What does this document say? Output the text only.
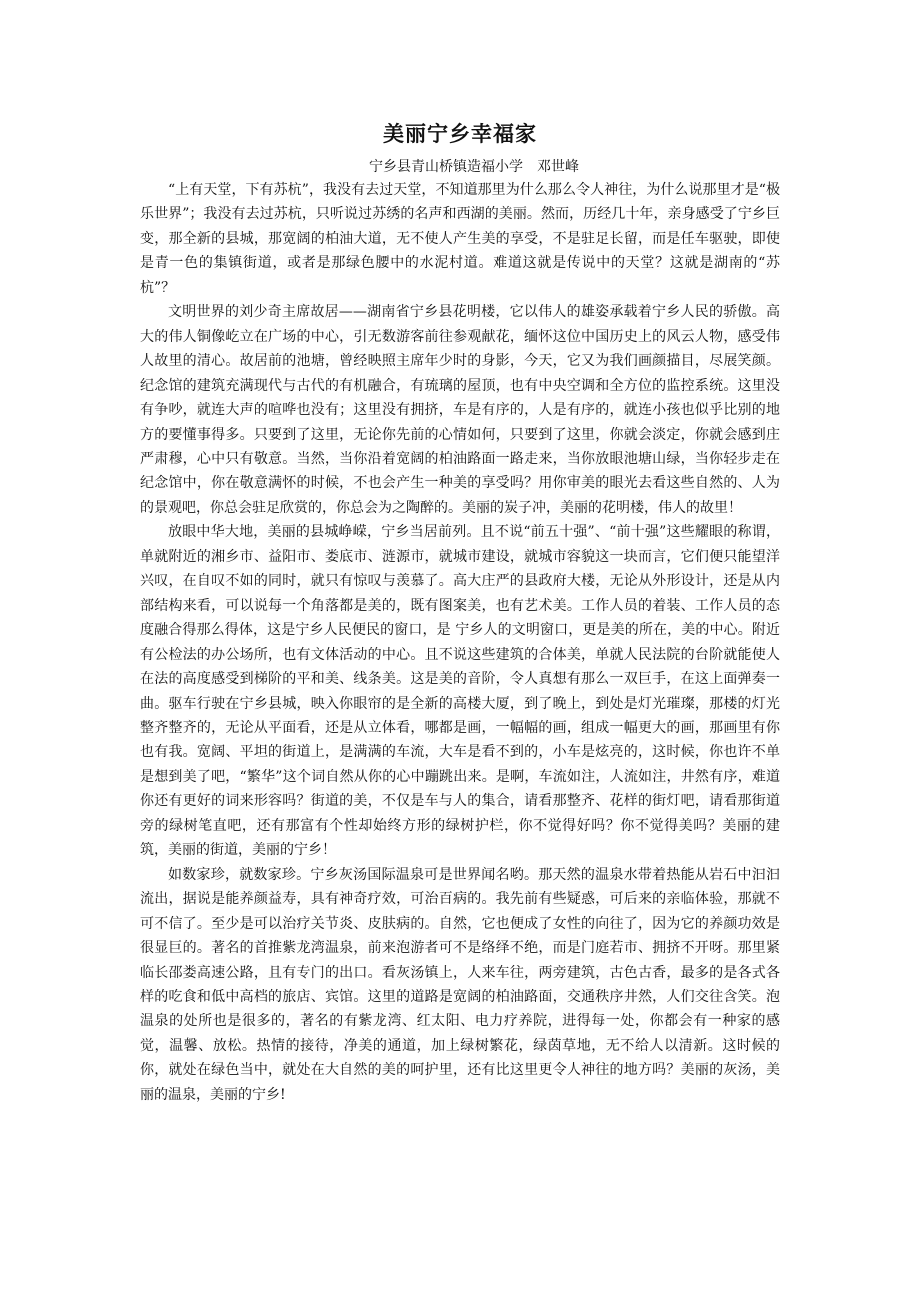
美丽宁乡幸福家
宁乡县青山桥镇造福小学　邓世峰

“上有天堂，下有苏杭”，我没有去过天堂，不知道那里为什么那么令人神往，为什么说那里才是“极乐世界”；我没有去过苏杭，只听说过苏绣的名声和西湖的美丽。然而，历经几十年，亲身感受了宁乡巨变，那全新的县城，那宽阔的柏油大道，无不使人产生美的享受，不是驻足长留，而是任车驱驶，即使是青一色的集镇街道，或者是那绿色腰中的水泥村道。难道这就是传说中的天堂？这就是湖南的“苏杭”？

文明世界的刘少奇主席故居——湖南省宁乡县花明楼，它以伟人的雄姿承载着宁乡人民的骄傲。高大的伟人铜像屹立在广场的中心，引无数游客前往参观献花，缅怀这位中国历史上的风云人物，感受伟人故里的清心。故居前的池塘，曾经映照主席年少时的身影，今天，它又为我们画颜描目，尽展笑颜。纪念馆的建筑充满现代与古代的有机融合，有琉璃的屋顶，也有中央空调和全方位的监控系统。这里没有争吵，就连大声的喧哗也没有；这里没有拥挤，车是有序的，人是有序的，就连小孩也似乎比别的地方的要懂事得多。只要到了这里，无论你先前的心情如何，只要到了这里，你就会淡定，你就会感到庄严肃穆，心中只有敬意。当然，当你沿着宽阔的柏油路面一路走来，当你放眼池塘山绿，当你轻步走在纪念馆中，你在敬意满怀的时候，不也会产生一种美的享受吗？用你审美的眼光去看这些自然的、人为的景观吧，你总会驻足欣赏的，你总会为之陶醉的。美丽的炭子冲，美丽的花明楼，伟人的故里！

放眼中华大地，美丽的县城峥嵘，宁乡当居前列。且不说“前五十强”、“前十强”这些耀眼的称谓，单就附近的湘乡市、益阳市、娄底市、涟源市，就城市建设，就城市容貌这一块而言，它们便只能望洋兴叹，在自叹不如的同时，就只有惊叹与羡慕了。高大庄严的县政府大楼，无论从外形设计，还是从内部结构来看，可以说每一个角落都是美的，既有图案美，也有艺术美。工作人员的着装、工作人员的态度融合得那么得体，这是宁乡人民便民的窗口，是 宁乡人的文明窗口，更是美的所在，美的中心。附近有公检法的办公场所，也有文体活动的中心。且不说这些建筑的合体美，单就人民法院的台阶就能使人在法的高度感受到梯阶的平和美、线条美。这是美的音阶，令人真想有那么一双巨手，在这上面弹奏一曲。驱车行驶在宁乡县城，映入你眼帘的是全新的高楼大厦，到了晚上，到处是灯光璀璨，那楼的灯光整齐整齐的，无论从平面看，还是从立体看，哪都是画，一幅幅的画，组成一幅更大的画，那画里有你也有我。宽阔、平坦的街道上，是满满的车流，大车是看不到的，小车是炫亮的，这时候，你也许不单是想到美了吧，“繁华”这个词自然从你的心中蹦跳出来。是啊，车流如注，人流如注，井然有序，难道你还有更好的词来形容吗？街道的美，不仅是车与人的集合，请看那整齐、花样的街灯吧，请看那街道旁的绿树笔直吧，还有那富有个性却始终方形的绿树护栏，你不觉得好吗？你不觉得美吗？美丽的建筑，美丽的街道，美丽的宁乡！

如数家珍，就数家珍。宁乡灰汤国际温泉可是世界闻名哟。那天然的温泉水带着热能从岩石中汩汩流出，据说是能养颜益寿，具有神奇疗效，可治百病的。我先前有些疑惑，可后来的亲临体验，那就不可不信了。至少是可以治疗关节炎、皮肤病的。自然，它也便成了女性的向往了，因为它的养颜功效是很显巨的。著名的首推紫龙湾温泉，前来泡游者可不是络绎不绝，而是门庭若市、拥挤不开呀。那里紧临长邵娄高速公路，且有专门的出口。看灰汤镇上，人来车往，两旁建筑，古色古香，最多的是各式各样的吃食和低中高档的旅店、宾馆。这里的道路是宽阔的柏油路面，交通秩序井然，人们交往含笑。泡温泉的处所也是很多的，著名的有紫龙湾、红太阳、电力疗养院，进得每一处，你都会有一种家的感觉，温馨、放松。热情的接待，净美的通道，加上绿树繁花，绿茵草地，无不给人以清新。这时候的你，就处在绿色当中，就处在大自然的美的呵护里，还有比这里更令人神往的地方吗？美丽的灰汤，美丽的温泉，美丽的宁乡!
